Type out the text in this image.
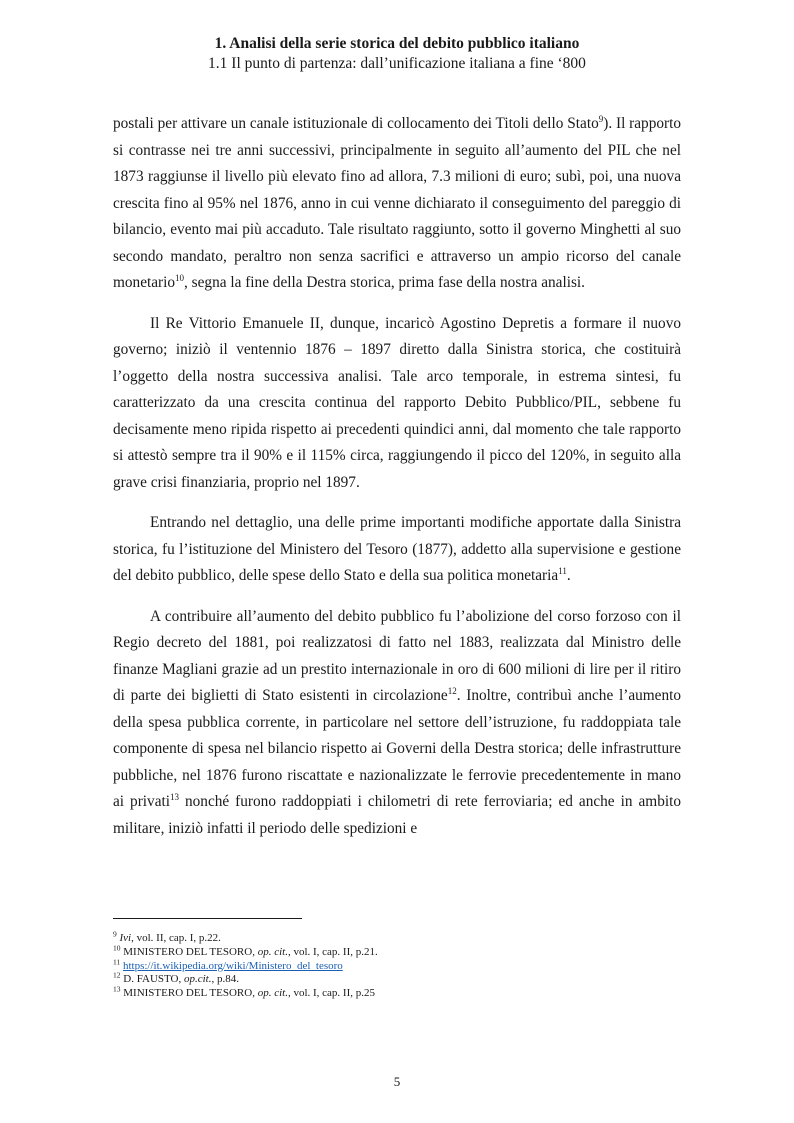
1. Analisi della serie storica del debito pubblico italiano
1.1 Il punto di partenza: dall’unificazione italiana a fine ‘800

postali per attivare un canale istituzionale di collocamento dei Titoli dello Stato$^9$). Il rapporto si contrasse nei tre anni successivi, principalmente in seguito all’aumento del PIL che nel 1873 raggiunse il livello più elevato fino ad allora, 7.3 milioni di euro; subì, poi, una nuova crescita fino al 95% nel 1876, anno in cui venne dichiarato il conseguimento del pareggio di bilancio, evento mai più accaduto. Tale risultato raggiunto, sotto il governo Minghetti al suo secondo mandato, peraltro non senza sacrifici e attraverso un ampio ricorso del canale monetario$^{10}$, segna la fine della Destra storica, prima fase della nostra analisi.

Il Re Vittorio Emanuele II, dunque, incaricò Agostino Depretis a formare il nuovo governo; iniziò il ventennio 1876 – 1897 diretto dalla Sinistra storica, che costituirà l’oggetto della nostra successiva analisi. Tale arco temporale, in estrema sintesi, fu caratterizzato da una crescita continua del rapporto Debito Pubblico/PIL, sebbene fu decisamente meno ripida rispetto ai precedenti quindici anni, dal momento che tale rapporto si attestò sempre tra il 90% e il 115% circa, raggiungendo il picco del 120%, in seguito alla grave crisi finanziaria, proprio nel 1897.

Entrando nel dettaglio, una delle prime importanti modifiche apportate dalla Sinistra storica, fu l’istituzione del Ministero del Tesoro (1877), addetto alla supervisione e gestione del debito pubblico, delle spese dello Stato e della sua politica monetaria$^{11}$.

A contribuire all’aumento del debito pubblico fu l’abolizione del corso forzoso con il Regio decreto del 1881, poi realizzatosi di fatto nel 1883, realizzata dal Ministro delle finanze Magliani grazie ad un prestito internazionale in oro di 600 milioni di lire per il ritiro di parte dei biglietti di Stato esistenti in circolazione$^{12}$. Inoltre, contribuì anche l’aumento della spesa pubblica corrente, in particolare nel settore dell’istruzione, fu raddoppiata tale componente di spesa nel bilancio rispetto ai Governi della Destra storica; delle infrastrutture pubbliche, nel 1876 furono riscattate e nazionalizzate le ferrovie precedentemente in mano ai privati$^{13}$ nonché furono raddoppiati i chilometri di rete ferroviaria; ed anche in ambito militare, iniziò infatti il periodo delle spedizioni e

$^9$ Ivi, vol. II, cap. I, p.22.
$^{10}$ MINISTERO DEL TESORO, op. cit., vol. I, cap. II, p.21.
$^{11}$ https://it.wikipedia.org/wiki/Ministero_del_tesoro
$^{12}$ D. FAUSTO, op.cit., p.84.
$^{13}$ MINISTERO DEL TESORO, op. cit., vol. I, cap. II, p.25
5
